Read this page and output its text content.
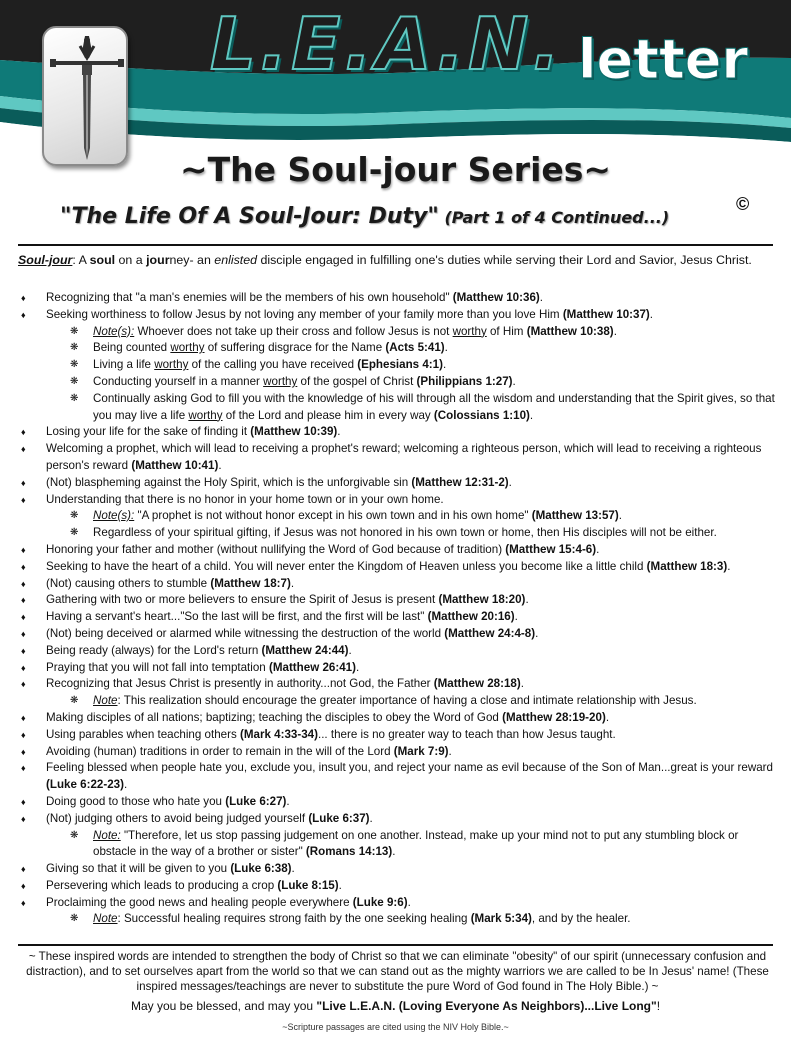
L.E.A.N. letter
~The Soul-jour Series~
"The Life Of A Soul-Jour: Duty" (Part 1 of 4 Continued...)
©
Soul-jour: A soul on a journey- an enlisted disciple engaged in fulfilling one's duties while serving their Lord and Savior, Jesus Christ.
♦ Recognizing that "a man's enemies will be the members of his own household" (Matthew 10:36).
♦ Seeking worthiness to follow Jesus by not loving any member of your family more than you love Him (Matthew 10:37).
❋ Note(s): Whoever does not take up their cross and follow Jesus is not worthy of Him (Matthew 10:38).
❋ Being counted worthy of suffering disgrace for the Name (Acts 5:41).
❋ Living a life worthy of the calling you have received (Ephesians 4:1).
❋ Conducting yourself in a manner worthy of the gospel of Christ (Philippians 1:27).
❋ Continually asking God to fill you with the knowledge of his will through all the wisdom and understanding that the Spirit gives, so that you may live a life worthy of the Lord and please him in every way (Colossians 1:10).
♦ Losing your life for the sake of finding it (Matthew 10:39).
♦ Welcoming a prophet, which will lead to receiving a prophet's reward; welcoming a righteous person, which will lead to receiving a righteous person's reward (Matthew 10:41).
♦ (Not) blaspheming against the Holy Spirit, which is the unforgivable sin (Matthew 12:31-2).
♦ Understanding that there is no honor in your home town or in your own home.
❋ Note(s): "A prophet is not without honor except in his own town and in his own home" (Matthew 13:57).
❋ Regardless of your spiritual gifting, if Jesus was not honored in his own town or home, then His disciples will not be either.
♦ Honoring your father and mother (without nullifying the Word of God because of tradition) (Matthew 15:4-6).
♦ Seeking to have the heart of a child. You will never enter the Kingdom of Heaven unless you become like a little child (Matthew 18:3).
♦ (Not) causing others to stumble (Matthew 18:7).
♦ Gathering with two or more believers to ensure the Spirit of Jesus is present (Matthew 18:20).
♦ Having a servant's heart..."So the last will be first, and the first will be last" (Matthew 20:16).
♦ (Not) being deceived or alarmed while witnessing the destruction of the world (Matthew 24:4-8).
♦ Being ready (always) for the Lord's return (Matthew 24:44).
♦ Praying that you will not fall into temptation (Matthew 26:41).
♦ Recognizing that Jesus Christ is presently in authority...not God, the Father (Matthew 28:18).
❋ Note: This realization should encourage the greater importance of having a close and intimate relationship with Jesus.
♦ Making disciples of all nations; baptizing; teaching the disciples to obey the Word of God (Matthew 28:19-20).
♦ Using parables when teaching others (Mark 4:33-34)... there is no greater way to teach than how Jesus taught.
♦ Avoiding (human) traditions in order to remain in the will of the Lord (Mark 7:9).
♦ Feeling blessed when people hate you, exclude you, insult you, and reject your name as evil because of the Son of Man...great is your reward (Luke 6:22-23).
♦ Doing good to those who hate you (Luke 6:27).
♦ (Not) judging others to avoid being judged yourself (Luke 6:37).
❋ Note: "Therefore, let us stop passing judgement on one another. Instead, make up your mind not to put any stumbling block or obstacle in the way of a brother or sister" (Romans 14:13).
♦ Giving so that it will be given to you (Luke 6:38).
♦ Persevering which leads to producing a crop (Luke 8:15).
♦ Proclaiming the good news and healing people everywhere (Luke 9:6).
❋ Note: Successful healing requires strong faith by the one seeking healing (Mark 5:34), and by the healer.
~ These inspired words are intended to strengthen the body of Christ so that we can eliminate "obesity" of our spirit (unnecessary confusion and distraction), and to set ourselves apart from the world so that we can stand out as the mighty warriors we are called to be In Jesus' name! (These inspired messages/teachings are never to substitute the pure Word of God found in The Holy Bible.) ~
May you be blessed, and may you "Live L.E.A.N. (Loving Everyone As Neighbors)...Live Long"!
~Scripture passages are cited using the NIV Holy Bible.~
